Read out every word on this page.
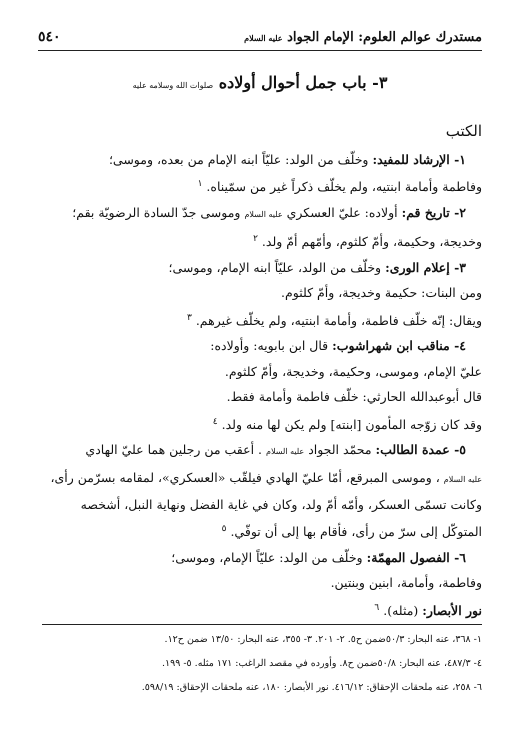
مستدرك عوالم العلوم: الإمام الجواد عليه السلام
٥٤٠
٣- باب جمل أحوال أولاده صلوات الله وسلامه عليه
الكتب
١- الإرشاد للمفيد: وخلّف من الولد: عليّاً ابنه الإمام من بعده، وموسى؛
وفاطمة وأمامة ابنتيه، ولم يخلّف ذكراً غير من سمّيناه. $^١$
٢- تاريخ قم: أولاده: عليّ العسكري عليه السلام وموسى جدّ السادة الرضويّة بقم؛
وخديجة، وحكيمة، وأمّ كلثوم، وأمّهم أمّ ولد. $^٢$
٣- إعلام الورى: وخلّف من الولد، عليّاً ابنه الإمام، وموسى؛
ومن البنات: حكيمة وخديجة، وأمّ كلثوم.
ويقال: إنّه خلّف فاطمة، وأمامة ابنتيه، ولم يخلّف غيرهم. $^٣$
٤- مناقب ابن شهراشوب: قال ابن بابويه: وأولاده:
عليّ الإمام، وموسى، وحكيمة، وخديجة، وأمّ كلثوم.
قال أبوعبدالله الحارثي: خلّف فاطمة وأمامة فقط.
وقد كان زوّجه المأمون [ابنته] ولم يكن لها منه ولد. $^٤$
٥- عمدة الطالب: محمّد الجواد عليه السلام . أعقب من رجلين هما عليّ الهادي
عليه السلام ، وموسى المبرقع، أمّا عليّ الهادي فيلقّب «العسكري»، لمقامه بسرّمن رأى،
وكانت تسمّى العسكر، وأمّه أمّ ولد، وكان في غاية الفضل ونهاية النبل، أشخصه
المتوكّل إلى سرّ من رأى، فأقام بها إلى أن توفّي. $^٥$
٦- الفصول المهمّة: وخلّف من الولد: عليّاً الإمام، وموسى؛
وفاطمة، وأمامة، ابنين وبنتين.
نور الأبصار: (مثله). $^٦$
١- ٣٦٨، عنه البحار: ٥٠/٣ضمن ح٥. ٢- ٢٠١. ٣- ٣٥٥، عنه البحار: ١٣/٥٠ ضمن ح١٢.
٤- ٤٨٧/٣، عنه البحار: ٥٠/٨ضمن ح٨. وأورده في مقصد الراغب: ١٧١ مثله. ٥- ١٩٩.
٦- ٢٥٨، عنه ملحقات الإحقاق: ٤١٦/١٢. نور الأبصار: ١٨٠، عنه ملحقات الإحقاق: ٥٩٨/١٩.
